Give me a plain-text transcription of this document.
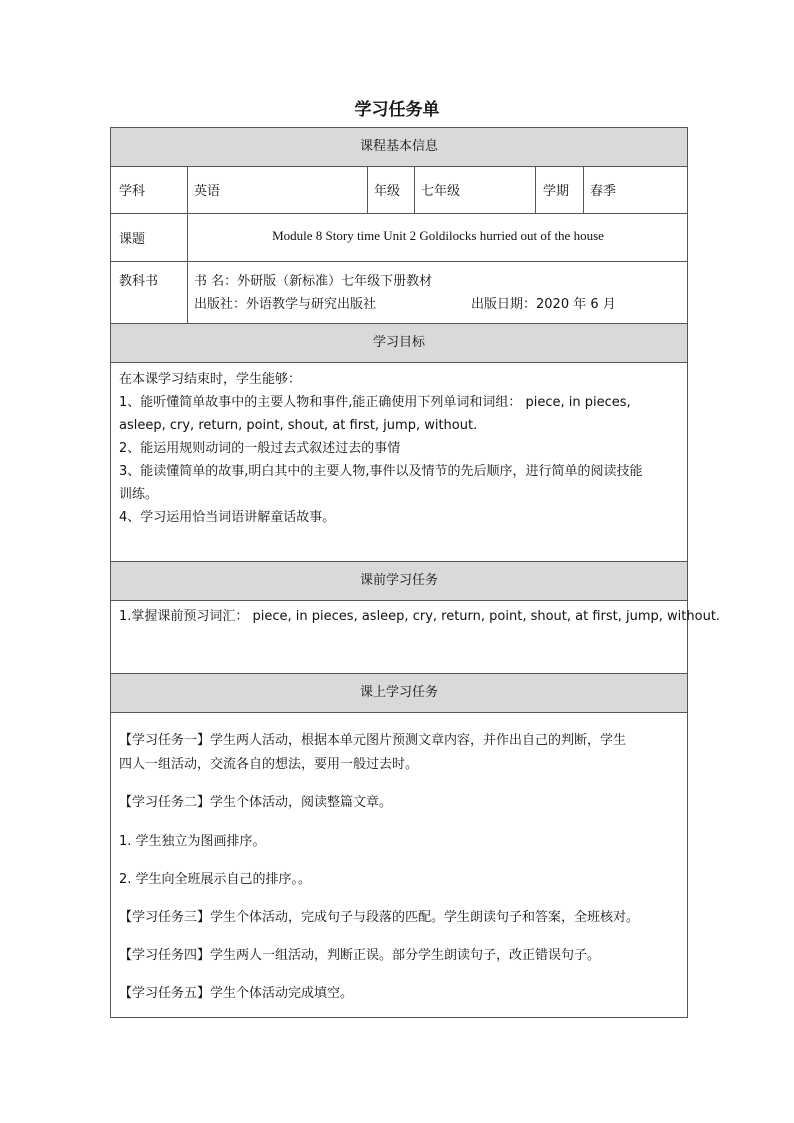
学习任务单
课程基本信息
学科	英语	年级 七年级	学期 春季
课题	Module 8 Story time Unit 2 Goldilocks hurried out of the house
教科书	书 名：外研版（新标准）七年级下册教材
出版社：外语教学与研究出版社	出版日期：2020 年 6 月
学习目标
在本课学习结束时，学生能够：
1、能听懂简单故事中的主要人物和事件,能正确使用下列单词和词组： piece, in pieces,
asleep, cry, return, point, shout, at first, jump, without.
2、能运用规则动词的一般过去式叙述过去的事情
3、能读懂简单的故事,明白其中的主要人物,事件以及情节的先后顺序，进行简单的阅读技能
训练。
4、学习运用恰当词语讲解童话故事。
课前学习任务
1.掌握课前预习词汇： piece, in pieces, asleep, cry, return, point, shout, at first, jump, without.
课上学习任务
【学习任务一】学生两人活动，根据本单元图片预测文章内容，并作出自己的判断，学生
四人一组活动，交流各自的想法，要用一般过去时。
【学习任务二】学生个体活动，阅读整篇文章。
1. 学生独立为图画排序。
2. 学生向全班展示自己的排序。。
【学习任务三】学生个体活动，完成句子与段落的匹配。学生朗读句子和答案，全班核对。
【学习任务四】学生两人一组活动，判断正误。部分学生朗读句子，改正错误句子。
【学习任务五】学生个体活动完成填空。
